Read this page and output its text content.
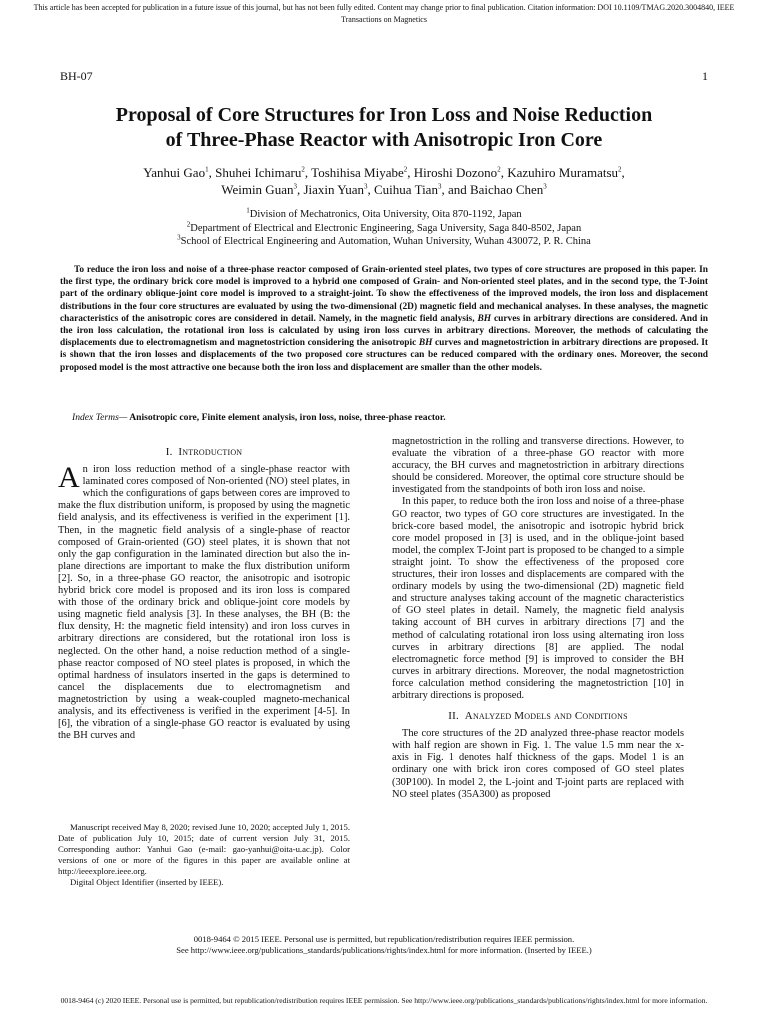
This article has been accepted for publication in a future issue of this journal, but has not been fully edited. Content may change prior to final publication. Citation information: DOI 10.1109/TMAG.2020.3004840, IEEE
Transactions on Magnetics
BH-07	1
Proposal of Core Structures for Iron Loss and Noise Reduction
of Three-Phase Reactor with Anisotropic Iron Core
Yanhui Gao$^1$, Shuhei Ichimaru$^2$, Toshihisa Miyabe$^2$, Hiroshi Dozono$^2$, Kazuhiro Muramatsu$^2$,
Weimin Guan$^3$, Jiaxin Yuan$^3$, Cuihua Tian$^3$, and Baichao Chen$^3$
$^1$Division of Mechatronics, Oita University, Oita 870-1192, Japan
$^2$Department of Electrical and Electronic Engineering, Saga University, Saga 840-8502, Japan
$^3$School of Electrical Engineering and Automation, Wuhan University, Wuhan 430072, P. R. China
To reduce the iron loss and noise of a three-phase reactor composed of Grain-oriented steel plates, two types of core structures are proposed in this paper. In the first type, the ordinary brick core model is improved to a hybrid one composed of Grain- and Non-oriented steel plates, and in the second type, the T-Joint part of the ordinary oblique-joint core model is improved to a straight-joint. To show the effectiveness of the improved models, the iron loss and displacement distributions in the four core structures are evaluated by using the two-dimensional (2D) magnetic field and mechanical analyses. In these analyses, the magnetic characteristics of the anisotropic cores are considered in detail. Namely, in the magnetic field analysis, BH curves in arbitrary directions are considered. And in the iron loss calculation, the rotational iron loss is calculated by using iron loss curves in arbitrary directions. Moreover, the methods of calculating the displacements due to electromagnetism and magnetostriction considering the anisotropic BH curves and magnetostriction in arbitrary directions are proposed. It is shown that the iron losses and displacements of the two proposed core structures can be reduced compared with the ordinary ones. Moreover, the second proposed model is the most attractive one because both the iron loss and displacement are smaller than the other models.
Index Terms— Anisotropic core, Finite element analysis, iron loss, noise, three-phase reactor.
I.  Introduction

An iron loss reduction method of a single-phase reactor with laminated cores composed of Non-oriented (NO) steel plates, in which the configurations of gaps between cores are improved to make the flux distribution uniform, is proposed by using the magnetic field analysis, and its effectiveness is verified in the experiment [1]. Then, in the magnetic field analysis of a single-phase of reactor composed of Grain-oriented (GO) steel plates, it is shown that not only the gap configuration in the laminated direction but also the in-plane directions are important to make the flux distribution uniform [2]. So, in a three-phase GO reactor, the anisotropic and isotropic hybrid brick core model is proposed and its iron loss is compared with those of the ordinary brick and oblique-joint core models by using magnetic field analysis [3]. In these analyses, the BH (B: the flux density, H: the magnetic field intensity) and iron loss curves in arbitrary directions are considered, but the rotational iron loss is neglected. On the other hand, a noise reduction method of a single-phase reactor composed of NO steel plates is proposed, in which the optimal hardness of insulators inserted in the gaps is determined to cancel the displacements due to electromagnetism and magnetostriction by using a weak-coupled magneto-mechanical analysis, and its effectiveness is verified in the experiment [4-5]. In [6], the vibration of a single-phase GO reactor is evaluated by using the BH curves and

magnetostriction in the rolling and transverse directions. However, to evaluate the vibration of a three-phase GO reactor with more accuracy, the BH curves and magnetostriction in arbitrary directions should be considered. Moreover, the optimal core structure should be investigated from the standpoints of both iron loss and noise.

In this paper, to reduce both the iron loss and noise of a three-phase GO reactor, two types of GO core structures are investigated. In the brick-core based model, the anisotropic and isotropic hybrid brick core model proposed in [3] is used, and in the oblique-joint based model, the complex T-Joint part is proposed to be changed to a simple straight joint. To show the effectiveness of the proposed core structures, their iron losses and displacements are compared with the ordinary models by using the two-dimensional (2D) magnetic field and structure analyses taking account of the magnetic characteristics of GO steel plates in detail. Namely, the magnetic field analysis taking account of BH curves in arbitrary directions [7] and the method of calculating rotational iron loss using alternating iron loss curves in arbitrary directions [8] are applied. The nodal electromagnetic force method [9] is improved to consider the BH curves in arbitrary directions. Moreover, the nodal magnetostriction force calculation method considering the magnetostriction [10] in arbitrary directions is proposed.

II.  Analyzed Models and Conditions

The core structures of the 2D analyzed three-phase reactor models with half region are shown in Fig. 1. The value 1.5 mm near the x-axis in Fig. 1 denotes half thickness of the gaps. Model 1 is an ordinary one with brick iron cores composed of GO steel plates (30P100). In model 2, the L-joint and T-joint parts are replaced with NO steel plates (35A300) as proposed

Manuscript received May 8, 2020; revised June 10, 2020; accepted July 1, 2015. Date of publication July 10, 2015; date of current version July 31, 2015. Corresponding author: Yanhui Gao (e-mail: gao-yanhui@oita-u.ac.jp). Color versions of one or more of the figures in this paper are available online at http://ieeexplore.ieee.org.

Digital Object Identifier (inserted by IEEE).

0018-9464 © 2015 IEEE. Personal use is permitted, but republication/redistribution requires IEEE permission.
See http://www.ieee.org/publications_standards/publications/rights/index.html for more information. (Inserted by IEEE.)
0018-9464 (c) 2020 IEEE. Personal use is permitted, but republication/redistribution requires IEEE permission. See http://www.ieee.org/publications_standards/publications/rights/index.html for more information.
